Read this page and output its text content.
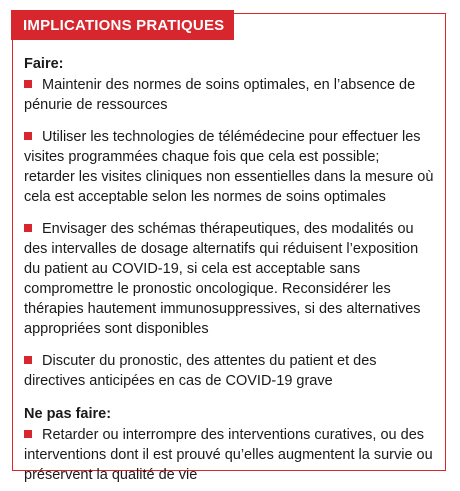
IMPLICATIONS PRATIQUES
Faire:

Maintenir des normes de soins optimales, en l’absence de pénurie de ressources

Utiliser les technologies de télémédecine pour effectuer les visites programmées chaque fois que cela est possible; retarder les visites cliniques non essentielles dans la mesure où cela est acceptable selon les normes de soins optimales

Envisager des schémas thérapeutiques, des modalités ou des intervalles de dosage alternatifs qui réduisent l’exposition du patient au COVID-19, si cela est acceptable sans compromettre le pronostic oncologique. Reconsidérer les thérapies hautement immunosuppressives, si des alternatives appropriées sont disponibles

Discuter du pronostic, des attentes du patient et des directives anticipées en cas de COVID-19 grave

Ne pas faire:

Retarder ou interrompre des interventions curatives, ou des interventions dont il est prouvé qu’elles augmentent la survie ou préservent la qualité de vie
